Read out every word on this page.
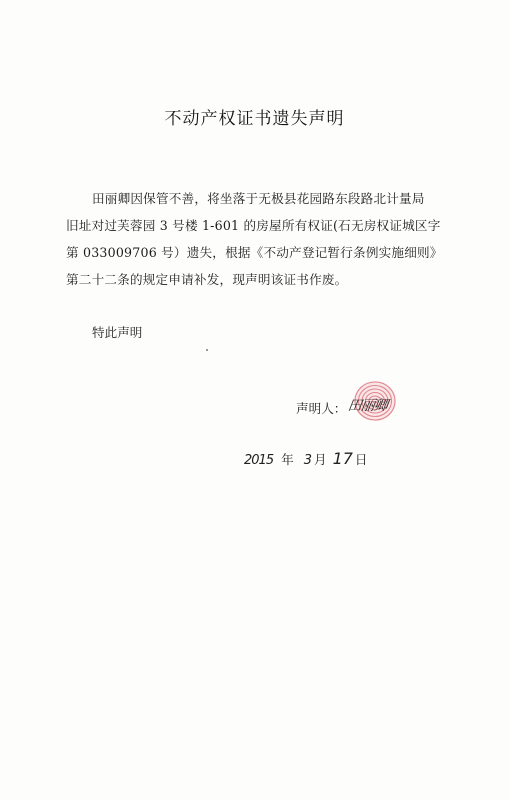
不动产权证书遗失声明
田丽卿因保管不善，将坐落于无极县花园路东段路北计量局
旧址对过芙蓉园 3 号楼 1-601 的房屋所有权证(石无房权证城区字
第 033009706 号）遗失，根据《不动产登记暂行条例实施细则》
第二十二条的规定申请补发，现声明该证书作废。
特此声明
声明人： 田丽卿
2015 年 3 月 17 日
